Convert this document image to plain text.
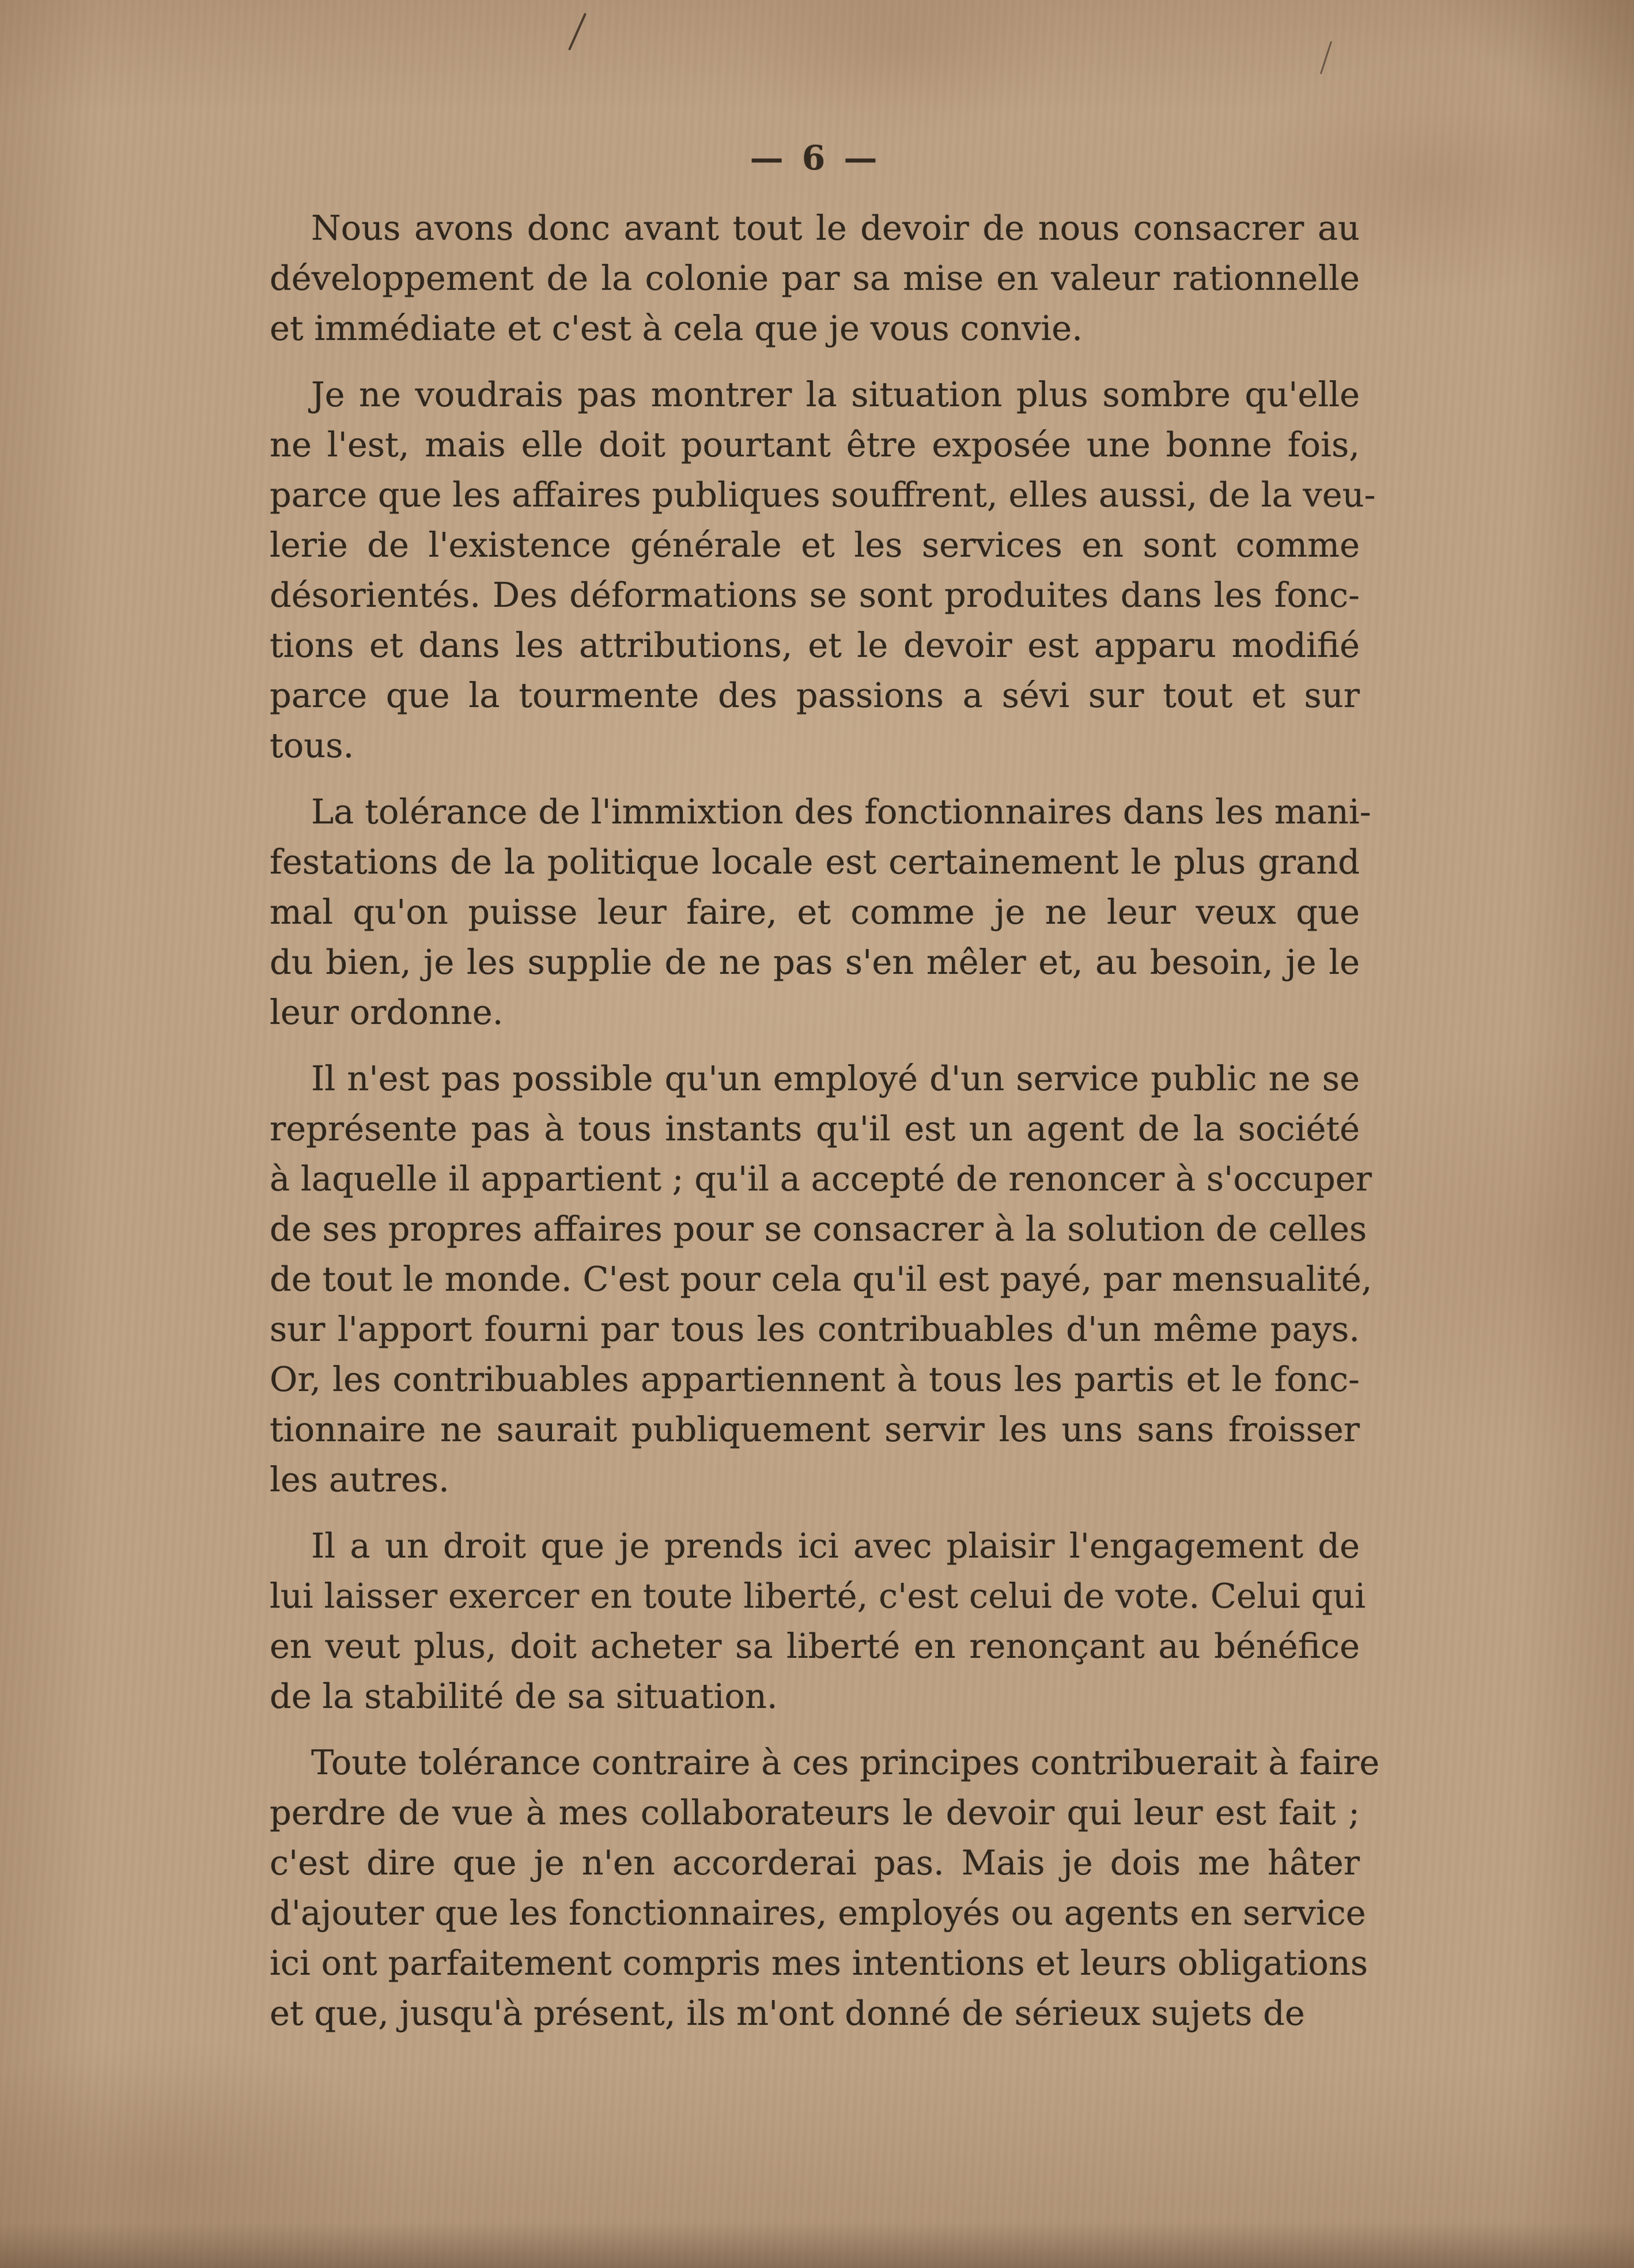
— 6 —

Nous avons donc avant tout le devoir de nous consacrer au
développement de la colonie par sa mise en valeur rationnelle
et immédiate et c'est à cela que je vous convie.

Je ne voudrais pas montrer la situation plus sombre qu'elle
ne l'est, mais elle doit pourtant être exposée une bonne fois,
parce que les affaires publiques souffrent, elles aussi, de la veu-
lerie de l'existence générale et les services en sont comme
désorientés. Des déformations se sont produites dans les fonc-
tions et dans les attributions, et le devoir est apparu modifié
parce que la tourmente des passions a sévi sur tout et sur tous.

La tolérance de l'immixtion des fonctionnaires dans les mani-
festations de la politique locale est certainement le plus grand
mal qu'on puisse leur faire, et comme je ne leur veux que
du bien, je les supplie de ne pas s'en mêler et, au besoin, je le
leur ordonne.

Il n'est pas possible qu'un employé d'un service public ne se
représente pas à tous instants qu'il est un agent de la société
à laquelle il appartient ; qu'il a accepté de renoncer à s'occuper
de ses propres affaires pour se consacrer à la solution de celles
de tout le monde. C'est pour cela qu'il est payé, par mensualité,
sur l'apport fourni par tous les contribuables d'un même pays.
Or, les contribuables appartiennent à tous les partis et le fonc-
tionnaire ne saurait publiquement servir les uns sans froisser
les autres.

Il a un droit que je prends ici avec plaisir l'engagement de
lui laisser exercer en toute liberté, c'est celui de vote. Celui qui
en veut plus, doit acheter sa liberté en renonçant au bénéfice
de la stabilité de sa situation.

Toute tolérance contraire à ces principes contribuerait à faire
perdre de vue à mes collaborateurs le devoir qui leur est fait ;
c'est dire que je n'en accorderai pas. Mais je dois me hâter
d'ajouter que les fonctionnaires, employés ou agents en service
ici ont parfaitement compris mes intentions et leurs obligations
et que, jusqu'à présent, ils m'ont donné de sérieux sujets de
